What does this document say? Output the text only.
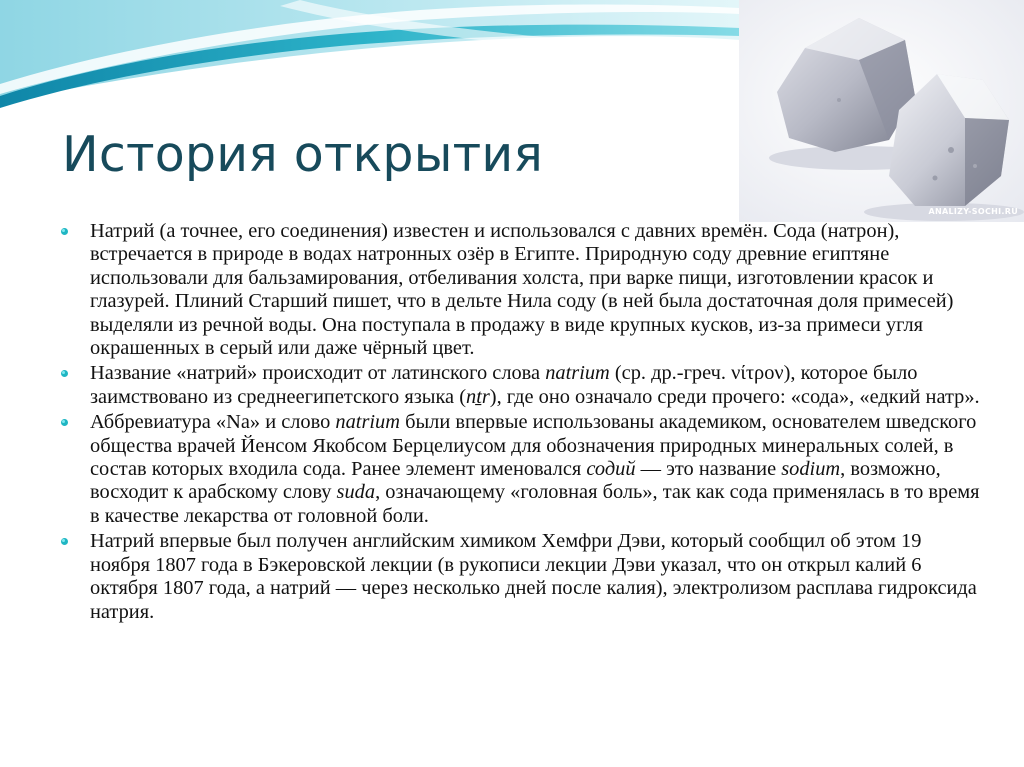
ANALIZY-SOCHI.RU
История открытия
Натрий (а точнее, его соединения) известен и использовался с давних времён. Сода (натрон), встречается в природе в водах натронных озёр в Египте. Природную соду древние египтяне использовали для бальзамирования, отбеливания холста, при варке пищи, изготовлении красок и глазурей. Плиний Старший пишет, что в дельте Нила соду (в ней была достаточная доля примесей) выделяли из речной воды. Она поступала в продажу в виде крупных кусков, из-за примеси угля окрашенных в серый или даже чёрный цвет.
Название «натрий» происходит от латинского слова natrium (ср. др.-греч. νίτρον), которое было заимствовано из среднеегипетского языка (nṯr), где оно означало среди прочего: «сода», «едкий натр».
Аббревиатура «Na» и слово natrium были впервые использованы академиком, основателем шведского общества врачей Йенсом Якобсом Берцелиусом для обозначения природных минеральных солей, в состав которых входила сода. Ранее элемент именовался содий — это название sodium, возможно, восходит к арабскому слову suda, означающему «головная боль», так как сода применялась в то время в качестве лекарства от головной боли.
Натрий впервые был получен английским химиком Хемфри Дэви, который сообщил об этом 19 ноября 1807 года в Бэкеровской лекции (в рукописи лекции Дэви указал, что он открыл калий 6 октября 1807 года, а натрий — через несколько дней после калия), электролизом расплава гидроксида натрия.
